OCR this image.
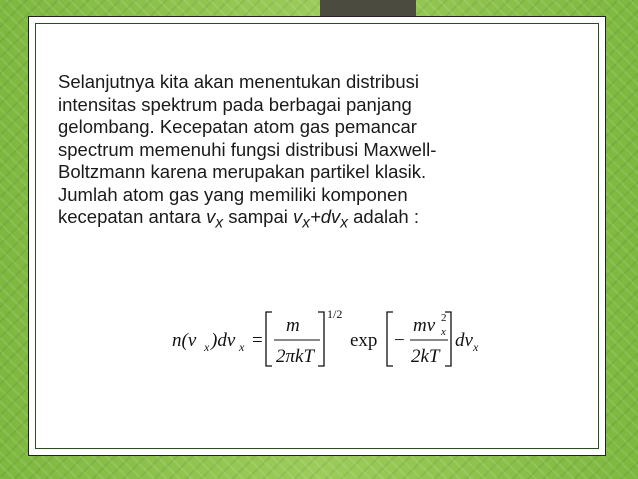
Selanjutnya kita akan menentukan distribusi

intensitas spektrum pada berbagai panjang

gelombang. Kecepatan atom gas pemancar

spectrum memenuhi fungsi distribusi Maxwell-

Boltzmann karena merupakan partikel klasik.

Jumlah atom gas yang memiliki komponen

kecepatan antara $v_x$ sampai $v_x+dv_x$ adalah :

n(v x )dv x =
m
2πkT
1/2
exp −
mv x
2
2kT
dv x
